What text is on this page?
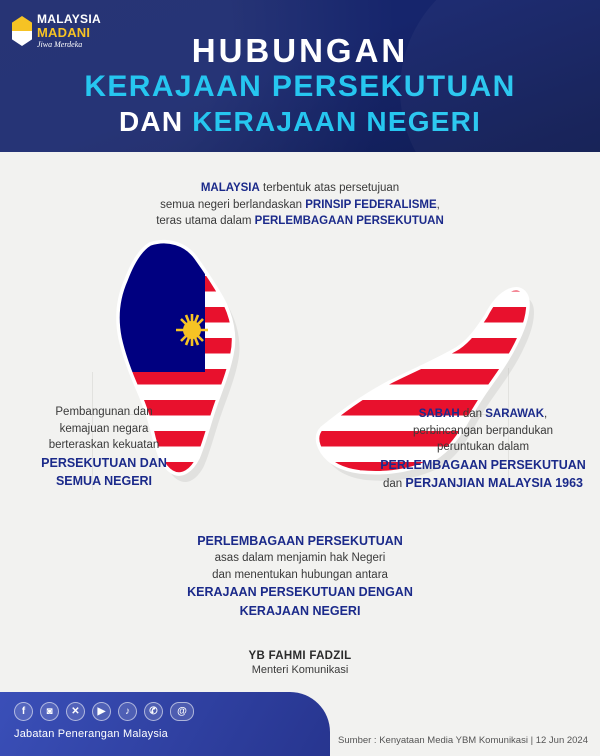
MALAYSIA
MADANI
Jiwa Merdeka	HUBUNGAN
KERAJAAN PERSEKUTUAN
DAN KERAJAAN NEGERI
MALAYSIA terbentuk atas persetujuan
semua negeri berlandaskan PRINSIP FEDERALISME,
teras utama dalam PERLEMBAGAAN PERSEKUTUAN
Pembangunan dan
kemajuan negara
berteraskan kekuatan
PERSEKUTUAN DAN
SEMUA NEGERI
SABAH dan SARAWAK,
perbincangan berpandukan
peruntukan dalam
PERLEMBAGAAN PERSEKUTUAN
dan PERJANJIAN MALAYSIA 1963
PERLEMBAGAAN PERSEKUTUAN
asas dalam menjamin hak Negeri
dan menentukan hubungan antara
KERAJAAN PERSEKUTUAN DENGAN
KERAJAAN NEGERI
YB FAHMI FADZIL
Menteri Komunikasi
f	◙	✕	▶	♪	✆	@
Jabatan Penerangan Malaysia
Sumber : Kenyataan Media YBM Komunikasi | 12 Jun 2024
